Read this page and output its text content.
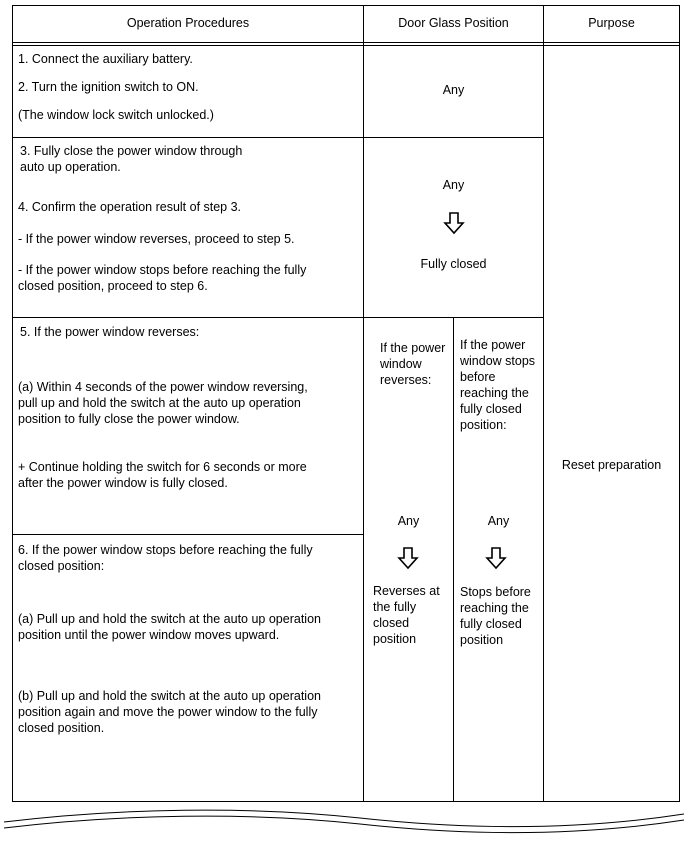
Operation Procedures	Door Glass Position	Purpose
1. Connect the auxiliary battery.
2. Turn the ignition switch to ON.
(The window lock switch unlocked.)
Any
3. Fully close the power window through
auto up operation.
4. Confirm the operation result of step 3.
- If the power window reverses, proceed to step 5.
- If the power window stops before reaching the fully
closed position, proceed to step 6.
Any
Fully closed
5. If the power window reverses:
(a) Within 4 seconds of the power window reversing,
pull up and hold the switch at the auto up operation
position to fully close the power window.
+ Continue holding the switch for 6 seconds or more
after the power window is fully closed.
6. If the power window stops before reaching the fully
closed position:
(a) Pull up and hold the switch at the auto up operation
position until the power window moves upward.
(b) Pull up and hold the switch at the auto up operation
position again and move the power window to the fully
closed position.
If the power
window
reverses:
Any
Reverses at
the fully
closed
position
If the power
window stops
before
reaching the
fully closed
position:
Any
Stops before
reaching the
fully closed
position
Reset preparation
